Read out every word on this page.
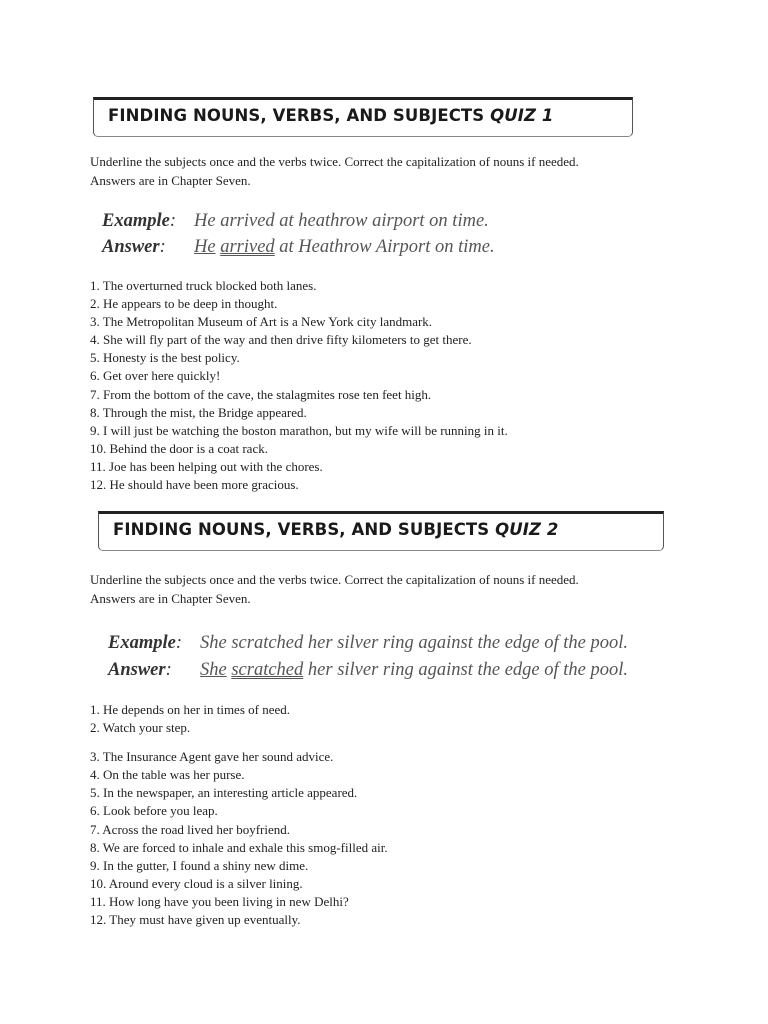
FINDING NOUNS, VERBS, AND SUBJECTS QUIZ 1
Underline the subjects once and the verbs twice. Correct the capitalization of nouns if needed.
Answers are in Chapter Seven.
Example: He arrived at heathrow airport on time.
Answer: He arrived at Heathrow Airport on time.
1. The overturned truck blocked both lanes.
2. He appears to be deep in thought.
3. The Metropolitan Museum of Art is a New York city landmark.
4. She will fly part of the way and then drive fifty kilometers to get there.
5. Honesty is the best policy.
6. Get over here quickly!
7. From the bottom of the cave, the stalagmites rose ten feet high.
8. Through the mist, the Bridge appeared.
9. I will just be watching the boston marathon, but my wife will be running in it.
10. Behind the door is a coat rack.
11. Joe has been helping out with the chores.
12. He should have been more gracious.
FINDING NOUNS, VERBS, AND SUBJECTS QUIZ 2
Underline the subjects once and the verbs twice. Correct the capitalization of nouns if needed.
Answers are in Chapter Seven.
Example: She scratched her silver ring against the edge of the pool.
Answer: She scratched her silver ring against the edge of the pool.
1. He depends on her in times of need.
2. Watch your step.
3. The Insurance Agent gave her sound advice.
4. On the table was her purse.
5. In the newspaper, an interesting article appeared.
6. Look before you leap.
7. Across the road lived her boyfriend.
8. We are forced to inhale and exhale this smog-filled air.
9. In the gutter, I found a shiny new dime.
10. Around every cloud is a silver lining.
11. How long have you been living in new Delhi?
12. They must have given up eventually.
